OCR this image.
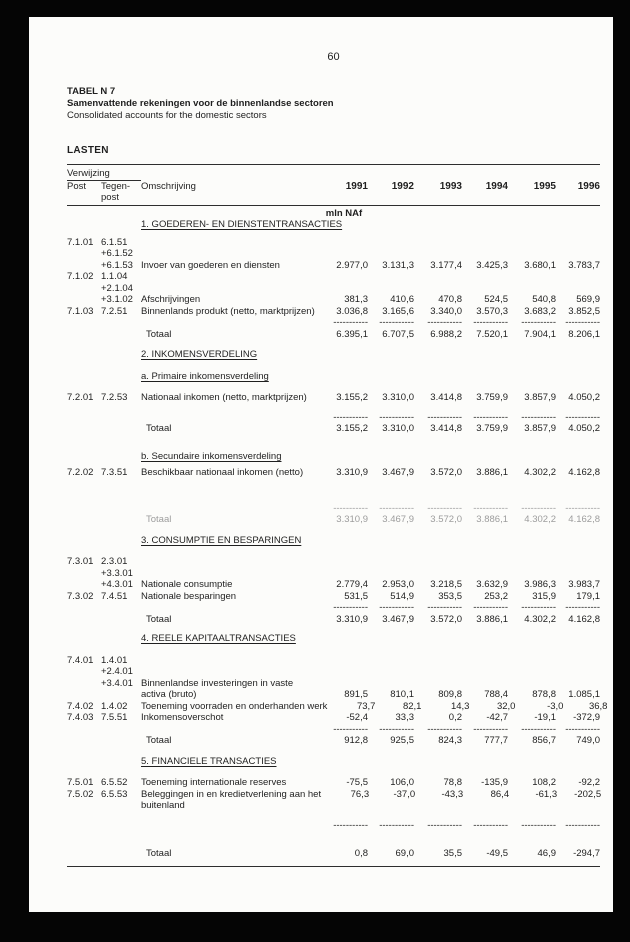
60
TABEL N 7
Samenvattende rekeningen voor de binnenlandse sectoren
Consolidated accounts for the domestic sectors
LASTEN
Verwijzing
Post	Tegen-	Omschrijving	1991	1992	1993	1994	1995	1996
post
mln NAf
1. GOEDEREN- EN DIENSTENTRANSACTIES
7.1.01 6.1.51
+6.1.52
+6.1.53 Invoer van goederen en diensten	2.977,0	3.131,3	3.177,4	3.425,3	3.680,1	3.783,7
7.1.02 1.1.04
+2.1.04
+3.1.02 Afschrijvingen	381,3	410,6	470,8	524,5	540,8	569,9
7.1.03 7.2.51	Binnenlands produkt (netto, marktprijzen)	3.036,8	3.165,6	3.340,0	3.570,3	3.683,2	3.852,5
-----------	-----------	-----------	-----------	----------- -----------
Totaal	6.395,1	6.707,5	6.988,2	7.520,1	7.904,1	8.206,1
2. INKOMENSVERDELING
a. Primaire inkomensverdeling
7.2.01 7.2.53	Nationaal inkomen (netto, marktprijzen)	3.155,2	3.310,0	3.414,8	3.759,9	3.857,9	4.050,2
-----------	-----------	-----------	-----------	----------- -----------
Totaal	3.155,2	3.310,0	3.414,8	3.759,9	3.857,9	4.050,2
b. Secundaire inkomensverdeling
7.2.02 7.3.51	Beschikbaar nationaal inkomen (netto)	3.310,9	3.467,9	3.572,0	3.886,1	4.302,2	4.162,8
-----------	-----------	-----------	-----------	----------- -----------
Totaal	3.310,9	3.467,9	3.572,0	3.886,1	4.302,2	4.162,8
3. CONSUMPTIE EN BESPARINGEN
7.3.01 2.3.01
+3.3.01
+4.3.01 Nationale consumptie	2.779,4	2.953,0	3.218,5	3.632,9	3.986,3	3.983,7
7.3.02 7.4.51	Nationale besparingen	531,5	514,9	353,5	253,2	315,9	179,1
-----------	-----------	-----------	-----------	----------- -----------
Totaal	3.310,9	3.467,9	3.572,0	3.886,1	4.302,2	4.162,8
4. REELE KAPITAALTRANSACTIES
7.4.01 1.4.01
+2.4.01
+3.4.01 Binnenlandse investeringen in vaste
activa (bruto)	891,5	810,1	809,8	788,4	878,8	1.085,1
7.4.02 1.4.02	Toeneming voorraden en onderhanden werk	73,7	82,1	14,3	32,0	-3,0	36,8
7.4.03 7.5.51	Inkomensoverschot	-52,4	33,3	0,2	-42,7	-19,1	-372,9
-----------	-----------	-----------	-----------	----------- -----------
Totaal	912,8	925,5	824,3	777,7	856,7	749,0
5. FINANCIELE TRANSACTIES
7.5.01 6.5.52	Toeneming internationale reserves	-75,5	106,0	78,8	-135,9	108,2	-92,2
7.5.02 6.5.53	Beleggingen in en kredietverlening aan het	76,3	-37,0	-43,3	86,4	-61,3	-202,5
buitenland
-----------	-----------	-----------	-----------	----------- -----------
Totaal	0,8	69,0	35,5	-49,5	46,9	-294,7
